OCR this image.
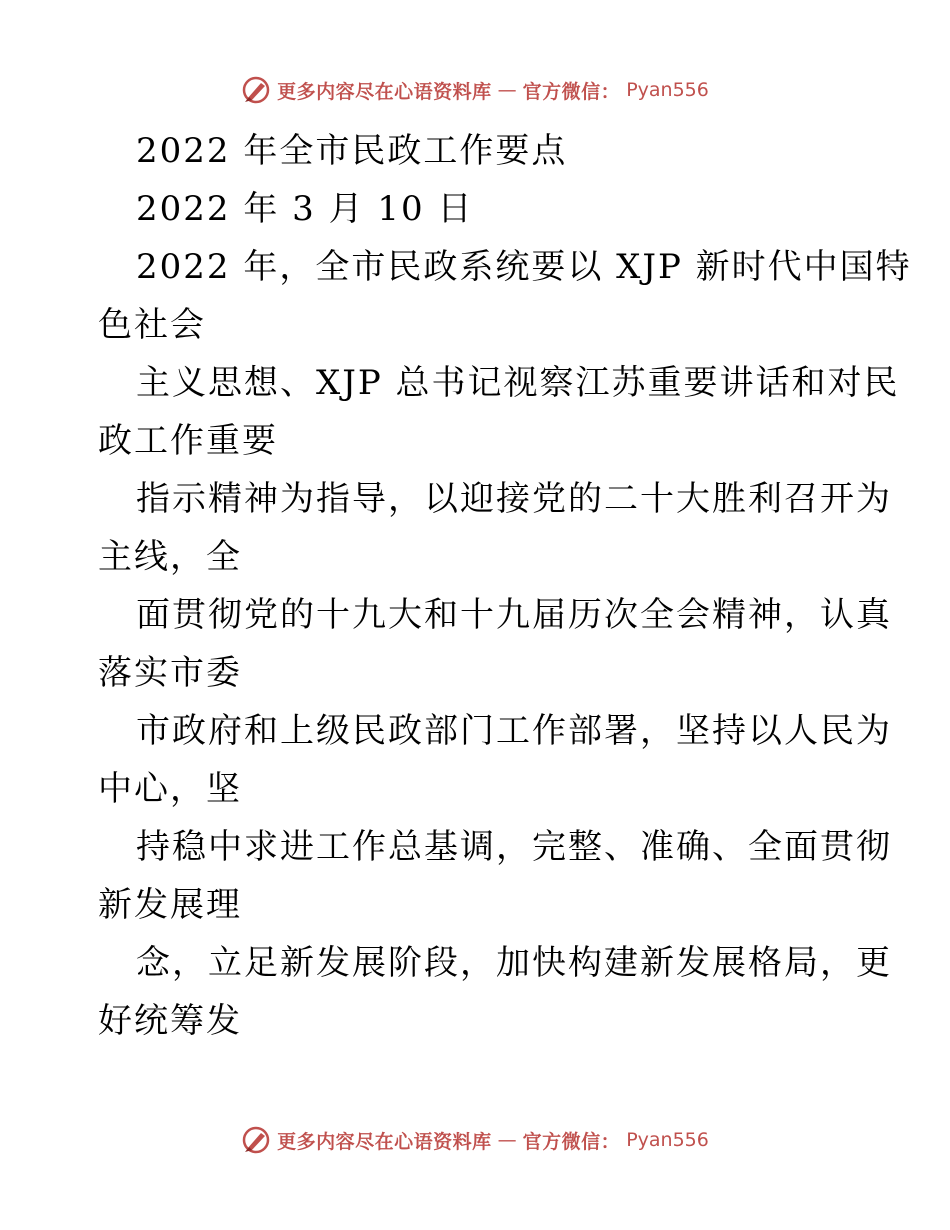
更多内容尽在心语资料库 — 官方微信： Pyan556
2022 年全市民政工作要点
2022 年 3 月 10 日
2022 年，全市民政系统要以 XJP 新时代中国特
色社会
主义思想、XJP 总书记视察江苏重要讲话和对民
政工作重要
指示精神为指导，以迎接党的二十大胜利召开为
主线，全
面贯彻党的十九大和十九届历次全会精神，认真
落实市委
市政府和上级民政部门工作部署，坚持以人民为
中心，坚
持稳中求进工作总基调，完整、准确、全面贯彻
新发展理
念，立足新发展阶段，加快构建新发展格局，更
好统筹发
更多内容尽在心语资料库 — 官方微信： Pyan556
